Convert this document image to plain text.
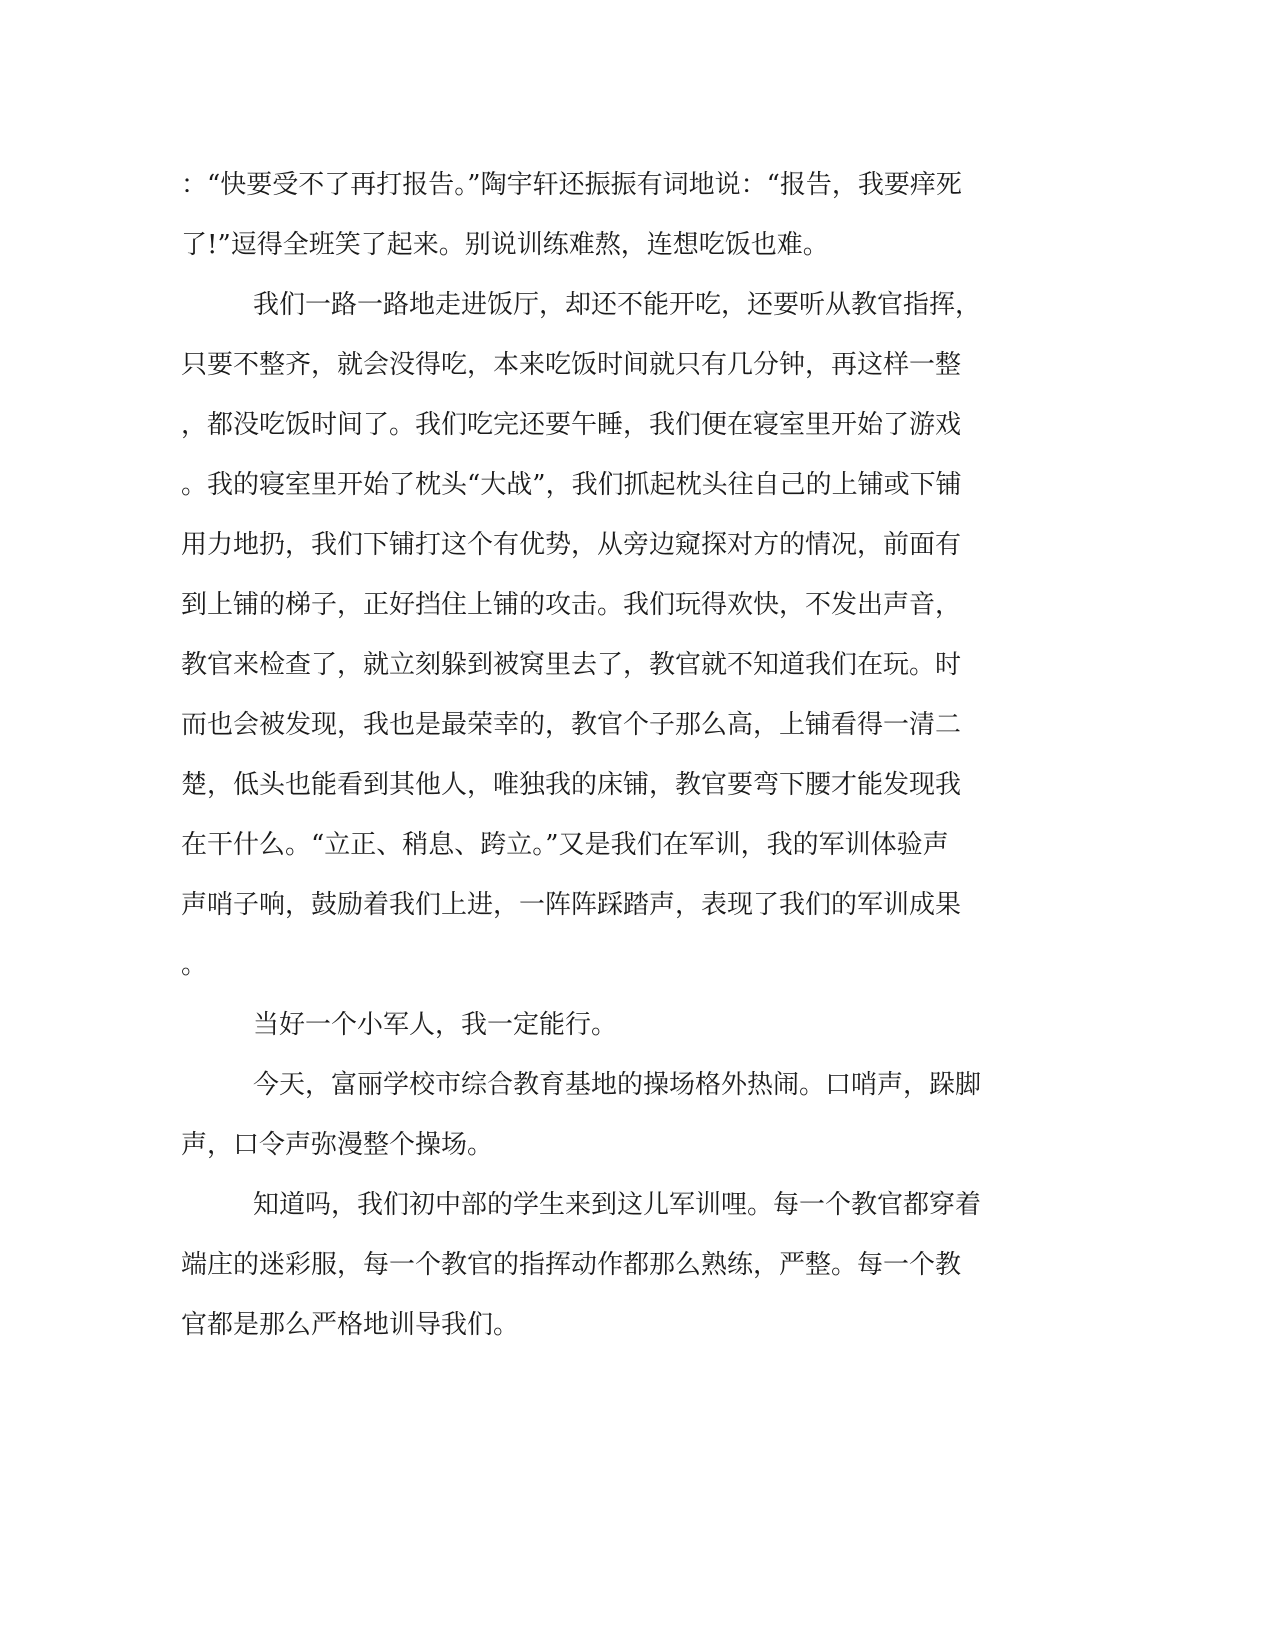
：“快要受不了再打报告。”陶宇轩还振振有词地说：“报告，我要痒死
了!”逗得全班笑了起来。别说训练难熬，连想吃饭也难。
我们一路一路地走进饭厅，却还不能开吃，还要听从教官指挥，
只要不整齐，就会没得吃，本来吃饭时间就只有几分钟，再这样一整
，都没吃饭时间了。我们吃完还要午睡，我们便在寝室里开始了游戏
。我的寝室里开始了枕头“大战”，我们抓起枕头往自己的上铺或下铺
用力地扔，我们下铺打这个有优势，从旁边窥探对方的情况，前面有
到上铺的梯子，正好挡住上铺的攻击。我们玩得欢快，不发出声音，
教官来检查了，就立刻躲到被窝里去了，教官就不知道我们在玩。时
而也会被发现，我也是最荣幸的，教官个子那么高，上铺看得一清二
楚，低头也能看到其他人，唯独我的床铺，教官要弯下腰才能发现我
在干什么。“立正、稍息、跨立。”又是我们在军训，我的军训体验声
声哨子响，鼓励着我们上进，一阵阵踩踏声，表现了我们的军训成果
。
当好一个小军人，我一定能行。
今天，富丽学校市综合教育基地的操场格外热闹。口哨声，跺脚
声，口令声弥漫整个操场。
知道吗，我们初中部的学生来到这儿军训哩。每一个教官都穿着
端庄的迷彩服，每一个教官的指挥动作都那么熟练，严整。每一个教
官都是那么严格地训导我们。
